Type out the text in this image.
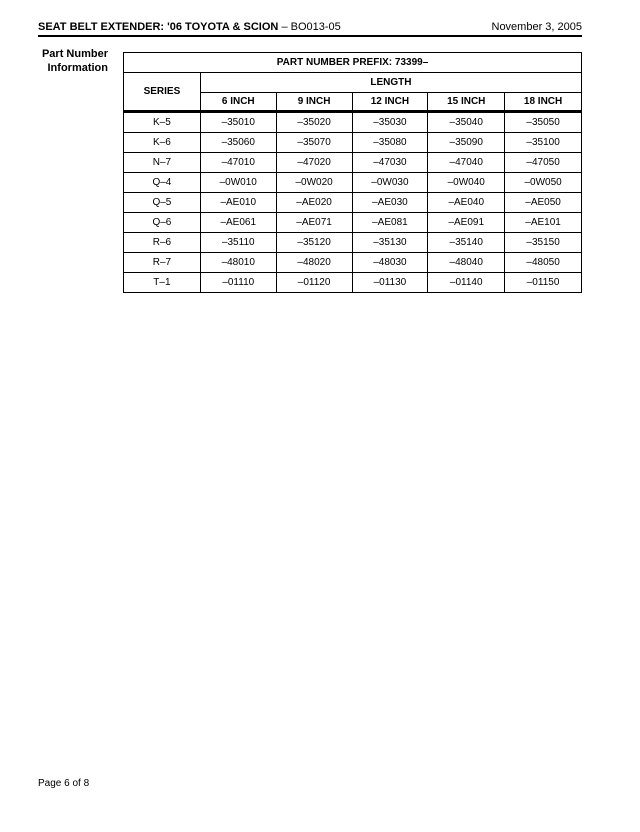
SEAT BELT EXTENDER: '06 TOYOTA & SCION – BO013-05	November 3, 2005
Part Number
Information	PART NUMBER PREFIX: 73399–					
SERIES	LENGTH				
	6 INCH	9 INCH	12 INCH	15 INCH	18 INCH
K–5	–35010	–35020	–35030	–35040	–35050
K–6	–35060	–35070	–35080	–35090	–35100
N–7	–47010	–47020	–47030	–47040	–47050
Q–4	–0W010	–0W020	–0W030	–0W040	–0W050
Q–5	–AE010	–AE020	–AE030	–AE040	–AE050
Q–6	–AE061	–AE071	–AE081	–AE091	–AE101
R–6	–35110	–35120	–35130	–35140	–35150
R–7	–48010	–48020	–48030	–48040	–48050
T–1	–01110	–01120	–01130	–01140	–01150
Page 6 of 8
